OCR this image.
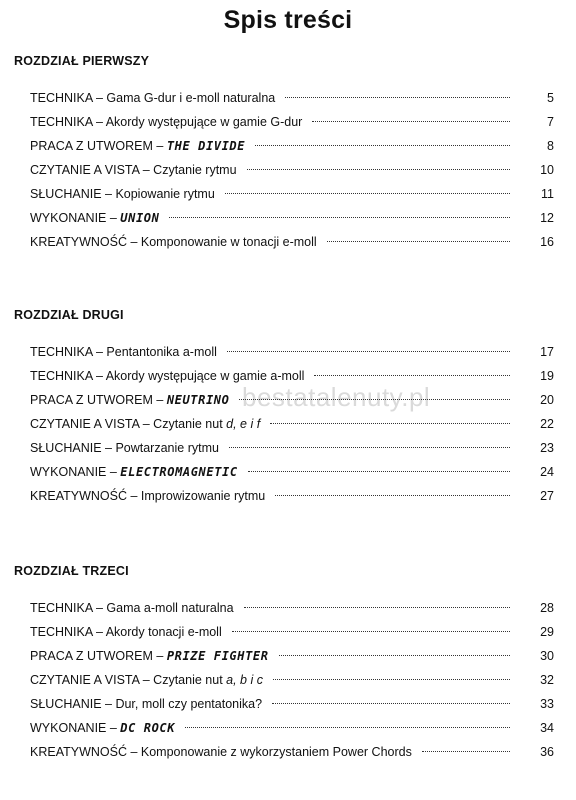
Spis treści
bestatalenuty.pl
ROZDZIAŁ PIERWSZY
TECHNIKA – Gama G-dur i e-moll naturalna	5
TECHNIKA – Akordy występujące w gamie G-dur	7
PRACA Z UTWOREM – THE DIVIDE	8
CZYTANIE A VISTA – Czytanie rytmu	10
SŁUCHANIE – Kopiowanie rytmu	11
WYKONANIE – UNION	12
KREATYWNOŚĆ – Komponowanie w tonacji e-moll	16
ROZDZIAŁ DRUGI
TECHNIKA – Pentantonika a-moll	17
TECHNIKA – Akordy występujące w gamie a-moll	19
PRACA Z UTWOREM – NEUTRINO	20
CZYTANIE A VISTA – Czytanie nut d, e i f	22
SŁUCHANIE – Powtarzanie rytmu	23
WYKONANIE – ELECTROMAGNETIC	24
KREATYWNOŚĆ – Improwizowanie rytmu	27
ROZDZIAŁ TRZECI
TECHNIKA – Gama a-moll naturalna	28
TECHNIKA – Akordy tonacji e-moll	29
PRACA Z UTWOREM – PRIZE FIGHTER	30
CZYTANIE A VISTA – Czytanie nut a, b i c	32
SŁUCHANIE – Dur, moll czy pentatonika?	33
WYKONANIE – DC ROCK	34
KREATYWNOŚĆ – Komponowanie z wykorzystaniem Power Chords	36
